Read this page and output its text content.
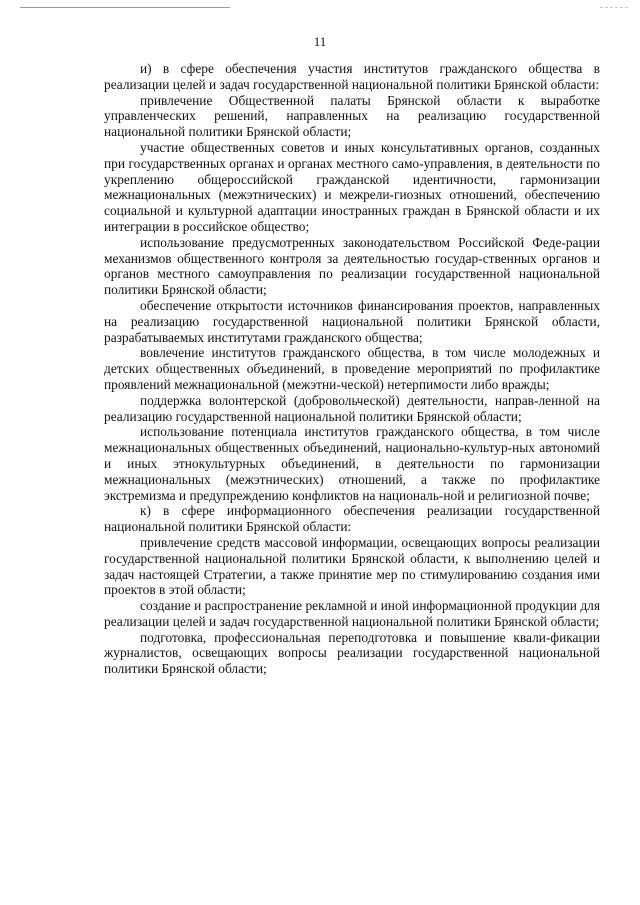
11

и) в сфере обеспечения участия институтов гражданского общества в реализации целей и задач государственной национальной политики Брянской области:

привлечение Общественной палаты Брянской области к выработке управленческих решений, направленных на реализацию государственной национальной политики Брянской области;

участие общественных советов и иных консультативных органов, созданных при государственных органах и органах местного само-управления, в деятельности по укреплению общероссийской гражданской идентичности, гармонизации межнациональных (межэтнических) и межрели-гиозных отношений, обеспечению социальной и культурной адаптации иностранных граждан в Брянской области и их интеграции в российское общество;

использование предусмотренных законодательством Российской Феде-рации механизмов общественного контроля за деятельностью государ-ственных органов и органов местного самоуправления по реализации государственной национальной политики Брянской области;

обеспечение открытости источников финансирования проектов, направленных на реализацию государственной национальной политики Брянской области, разрабатываемых институтами гражданского общества;

вовлечение институтов гражданского общества, в том числе молодежных и детских общественных объединений, в проведение мероприятий по профилактике проявлений межнациональной (межэтни-ческой) нетерпимости либо вражды;

поддержка волонтерской (добровольческой) деятельности, направ-ленной на реализацию государственной национальной политики Брянской области;

использование потенциала институтов гражданского общества, в том числе межнациональных общественных объединений, национально-культур-ных автономий и иных этнокультурных объединений, в деятельности по гармонизации межнациональных (межэтнических) отношений, а также по профилактике экстремизма и предупреждению конфликтов на националь-ной и религиозной почве;

к) в сфере информационного обеспечения реализации государственной национальной политики Брянской области:

привлечение средств массовой информации, освещающих вопросы реализации государственной национальной политики Брянской области, к выполнению целей и задач настоящей Стратегии, а также принятие мер по стимулированию создания ими проектов в этой области;

создание и распространение рекламной и иной информационной продукции для реализации целей и задач государственной национальной политики Брянской области;

подготовка, профессиональная переподготовка и повышение квали-фикации журналистов, освещающих вопросы реализации государственной национальной политики Брянской области;
